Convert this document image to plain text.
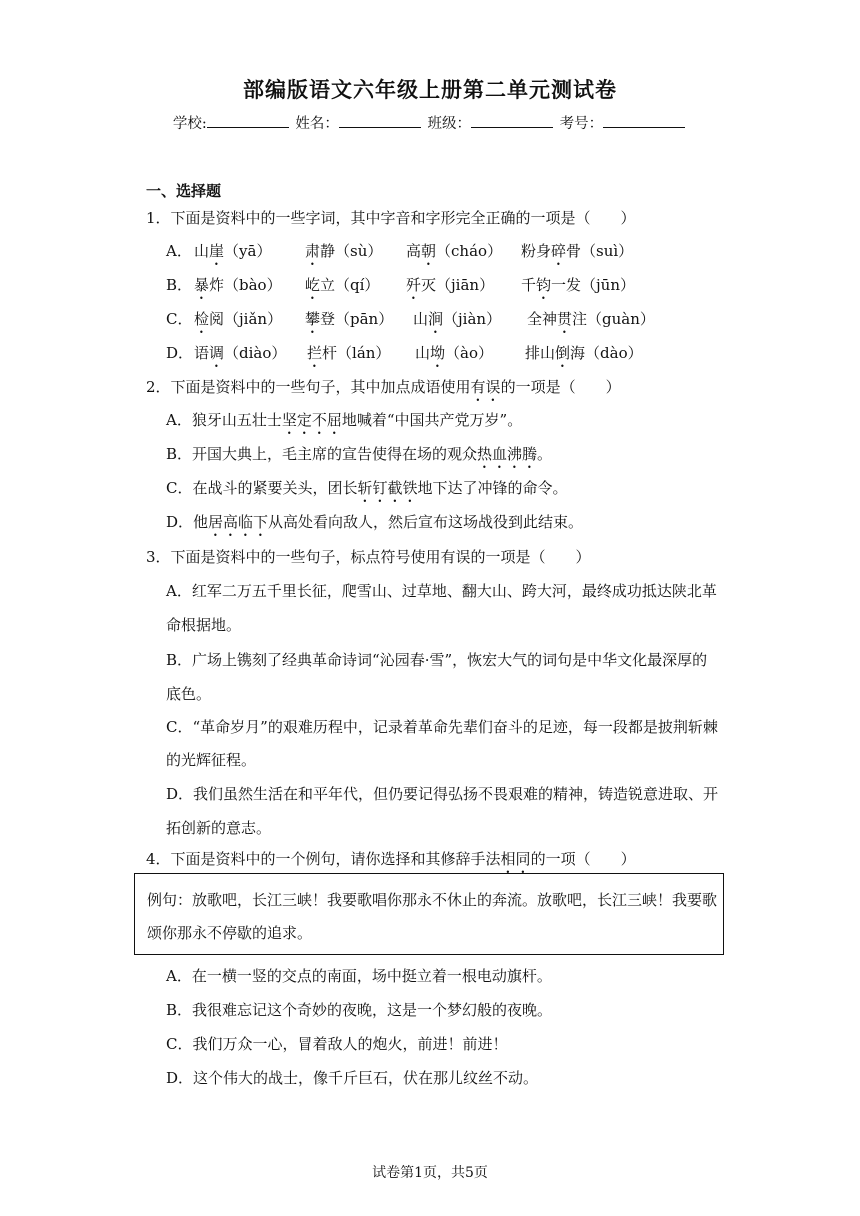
部编版语文六年级上册第二单元测试卷
学校:	姓名：	班级：	考号：
一、选择题
1．下面是资料中的一些字词，其中字音和字形完全正确的一项是（　　）
A． 山崖（yā） 肃静（sù） 高朝（cháo） 粉身碎骨（suì）
B． 暴炸（bào） 屹立（qí） 歼灭（jiān） 千钧一发（jūn）
C． 检阅（jiǎn） 攀登（pān） 山涧（jiàn） 全神贯注（guàn）
D．语调（diào） 拦杆（lán） 山坳（ào） 排山倒海（dào）
2．下面是资料中的一些句子，其中加点成语使用有误的一项是（　　）
A．狼牙山五壮士坚定不屈地喊着“中国共产党万岁”。
B．开国大典上，毛主席的宣告使得在场的观众热血沸腾。
C．在战斗的紧要关头，团长斩钉截铁地下达了冲锋的命令。
D．他居高临下从高处看向敌人，然后宣布这场战役到此结束。
3．下面是资料中的一些句子，标点符号使用有误的一项是（　　）
A．红军二万五千里长征，爬雪山、过草地、翻大山、跨大河，最终成功抵达陕北革
命根据地。
B．广场上镌刻了经典革命诗词“沁园春·雪”，恢宏大气的词句是中华文化最深厚的
底色。
C．“革命岁月”的艰难历程中，记录着革命先辈们奋斗的足迹，每一段都是披荆斩棘
的光辉征程。
D．我们虽然生活在和平年代，但仍要记得弘扬不畏艰难的精神，铸造锐意进取、开
拓创新的意志。
4．下面是资料中的一个例句，请你选择和其修辞手法相同的一项（　　）
例句：放歌吧，长江三峡！我要歌唱你那永不休止的奔流。放歌吧，长江三峡！我要歌
颂你那永不停歇的追求。
A．在一横一竖的交点的南面，场中挺立着一根电动旗杆。
B．我很难忘记这个奇妙的夜晚，这是一个梦幻般的夜晚。
C．我们万众一心，冒着敌人的炮火，前进！前进！
D．这个伟大的战士，像千斤巨石，伏在那儿纹丝不动。
试卷第1页，共5页
